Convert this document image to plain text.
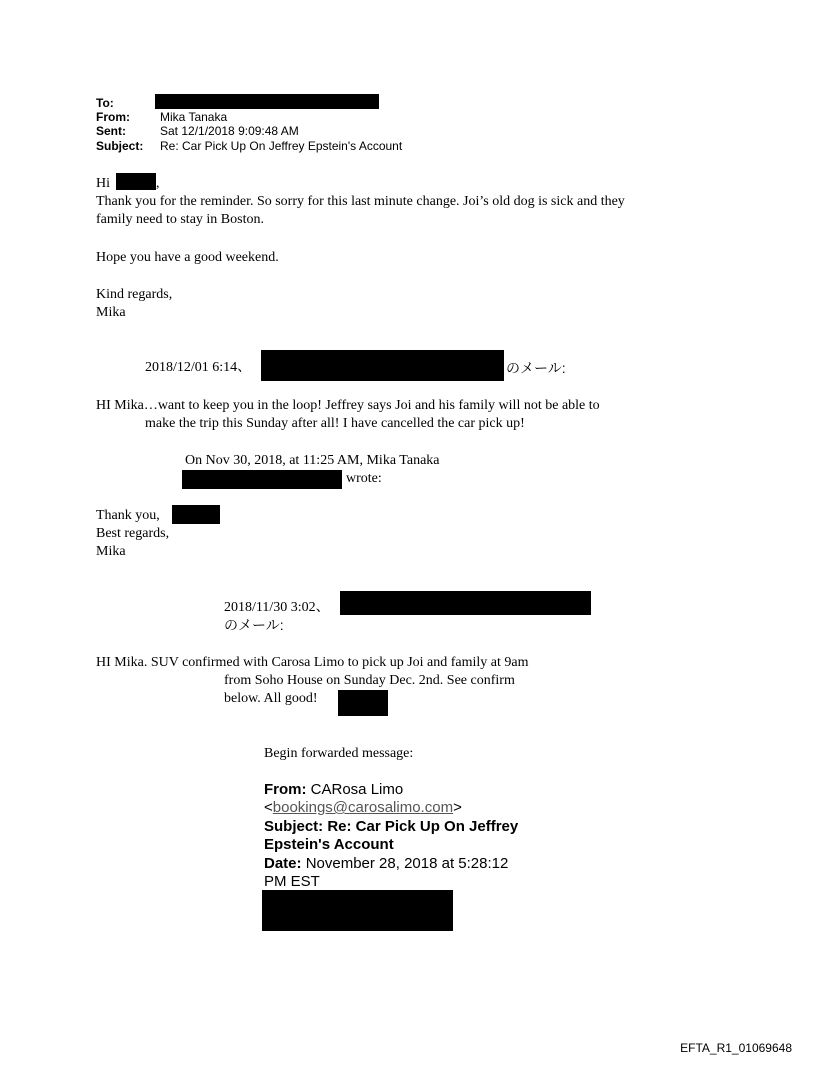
To:
From:	Mika Tanaka
Sent:	Sat 12/1/2018 9:09:48 AM
Subject: Re: Car Pick Up On Jeffrey Epstein's Account
Hi	,
Thank you for the reminder. So sorry for this last minute change. Joi’s old dog is sick and they
family need to stay in Boston.
Hope you have a good weekend.
Kind regards,
Mika
2018/12/01 6:14、	のメール:
HI Mika…want to keep you in the loop! Jeffrey says Joi and his family will not be able to
make the trip this Sunday after all! I have cancelled the car pick up!
On Nov 30, 2018, at 11:25 AM, Mika Tanaka
wrote:
Thank you,
Best regards,
Mika
2018/11/30 3:02、
のメール:
HI Mika. SUV confirmed with Carosa Limo to pick up Joi and family at 9am
from Soho House on Sunday Dec. 2nd. See confirm
below. All good!
Begin forwarded message:
From: CARosa Limo
<bookings@carosalimo.com>
Subject: Re: Car Pick Up On Jeffrey
Epstein's Account
Date: November 28, 2018 at 5:28:12
PM EST
EFTA_R1_01069648
